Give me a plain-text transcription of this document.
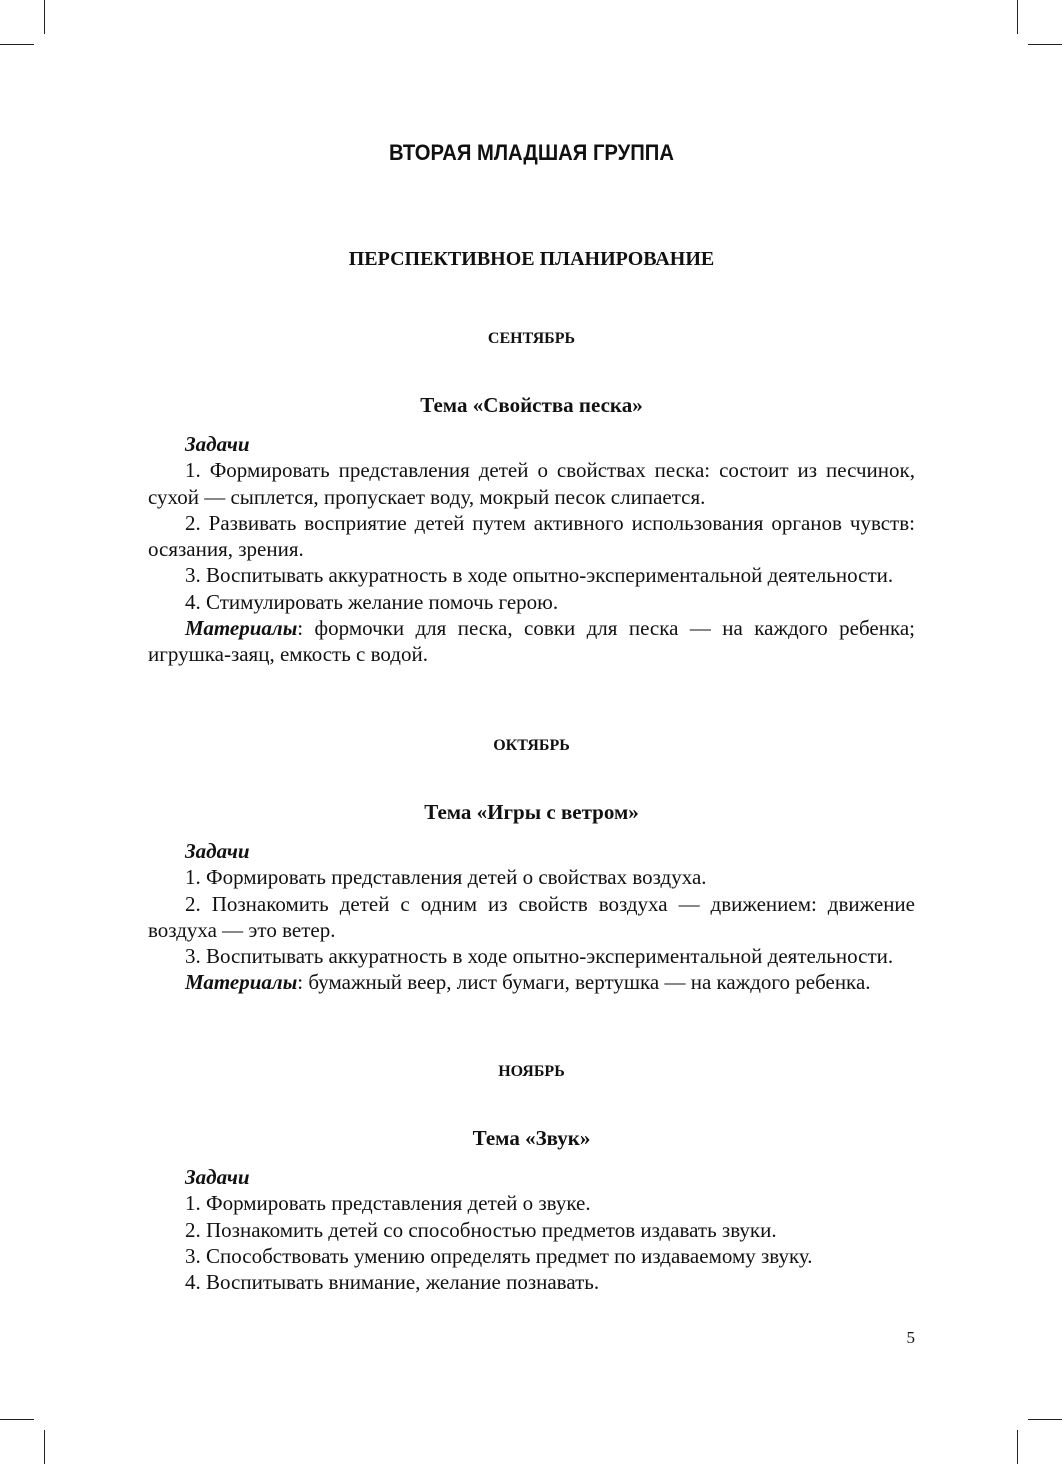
ВТОРАЯ МЛАДШАЯ ГРУППА
ПЕРСПЕКТИВНОЕ ПЛАНИРОВАНИЕ
СЕНТЯБРЬ
Тема «Свойства песка»
Задачи

1. Формировать представления детей о свойствах песка: состоит из песчинок, сухой — сыплется, пропускает воду, мокрый песок слипается.

2. Развивать восприятие детей путем активного использования органов чувств: осязания, зрения.

3. Воспитывать аккуратность в ходе опытно-экспериментальной деятельности.

4. Стимулировать желание помочь герою.

Материалы: формочки для песка, совки для песка — на каждого ребенка; игрушка-заяц, емкость с водой.

ОКТЯБРЬ
Тема «Игры с ветром»
Задачи

1. Формировать представления детей о свойствах воздуха.

2. Познакомить детей с одним из свойств воздуха — движением: движение воздуха — это ветер.

3. Воспитывать аккуратность в ходе опытно-экспериментальной деятельности.

Материалы: бумажный веер, лист бумаги, вертушка — на каждого ребенка.

НОЯБРЬ
Тема «Звук»
Задачи

1. Формировать представления детей о звуке.

2. Познакомить детей со способностью предметов издавать звуки.

3. Способствовать умению определять предмет по издаваемому звуку.

4. Воспитывать внимание, желание познавать.

5
